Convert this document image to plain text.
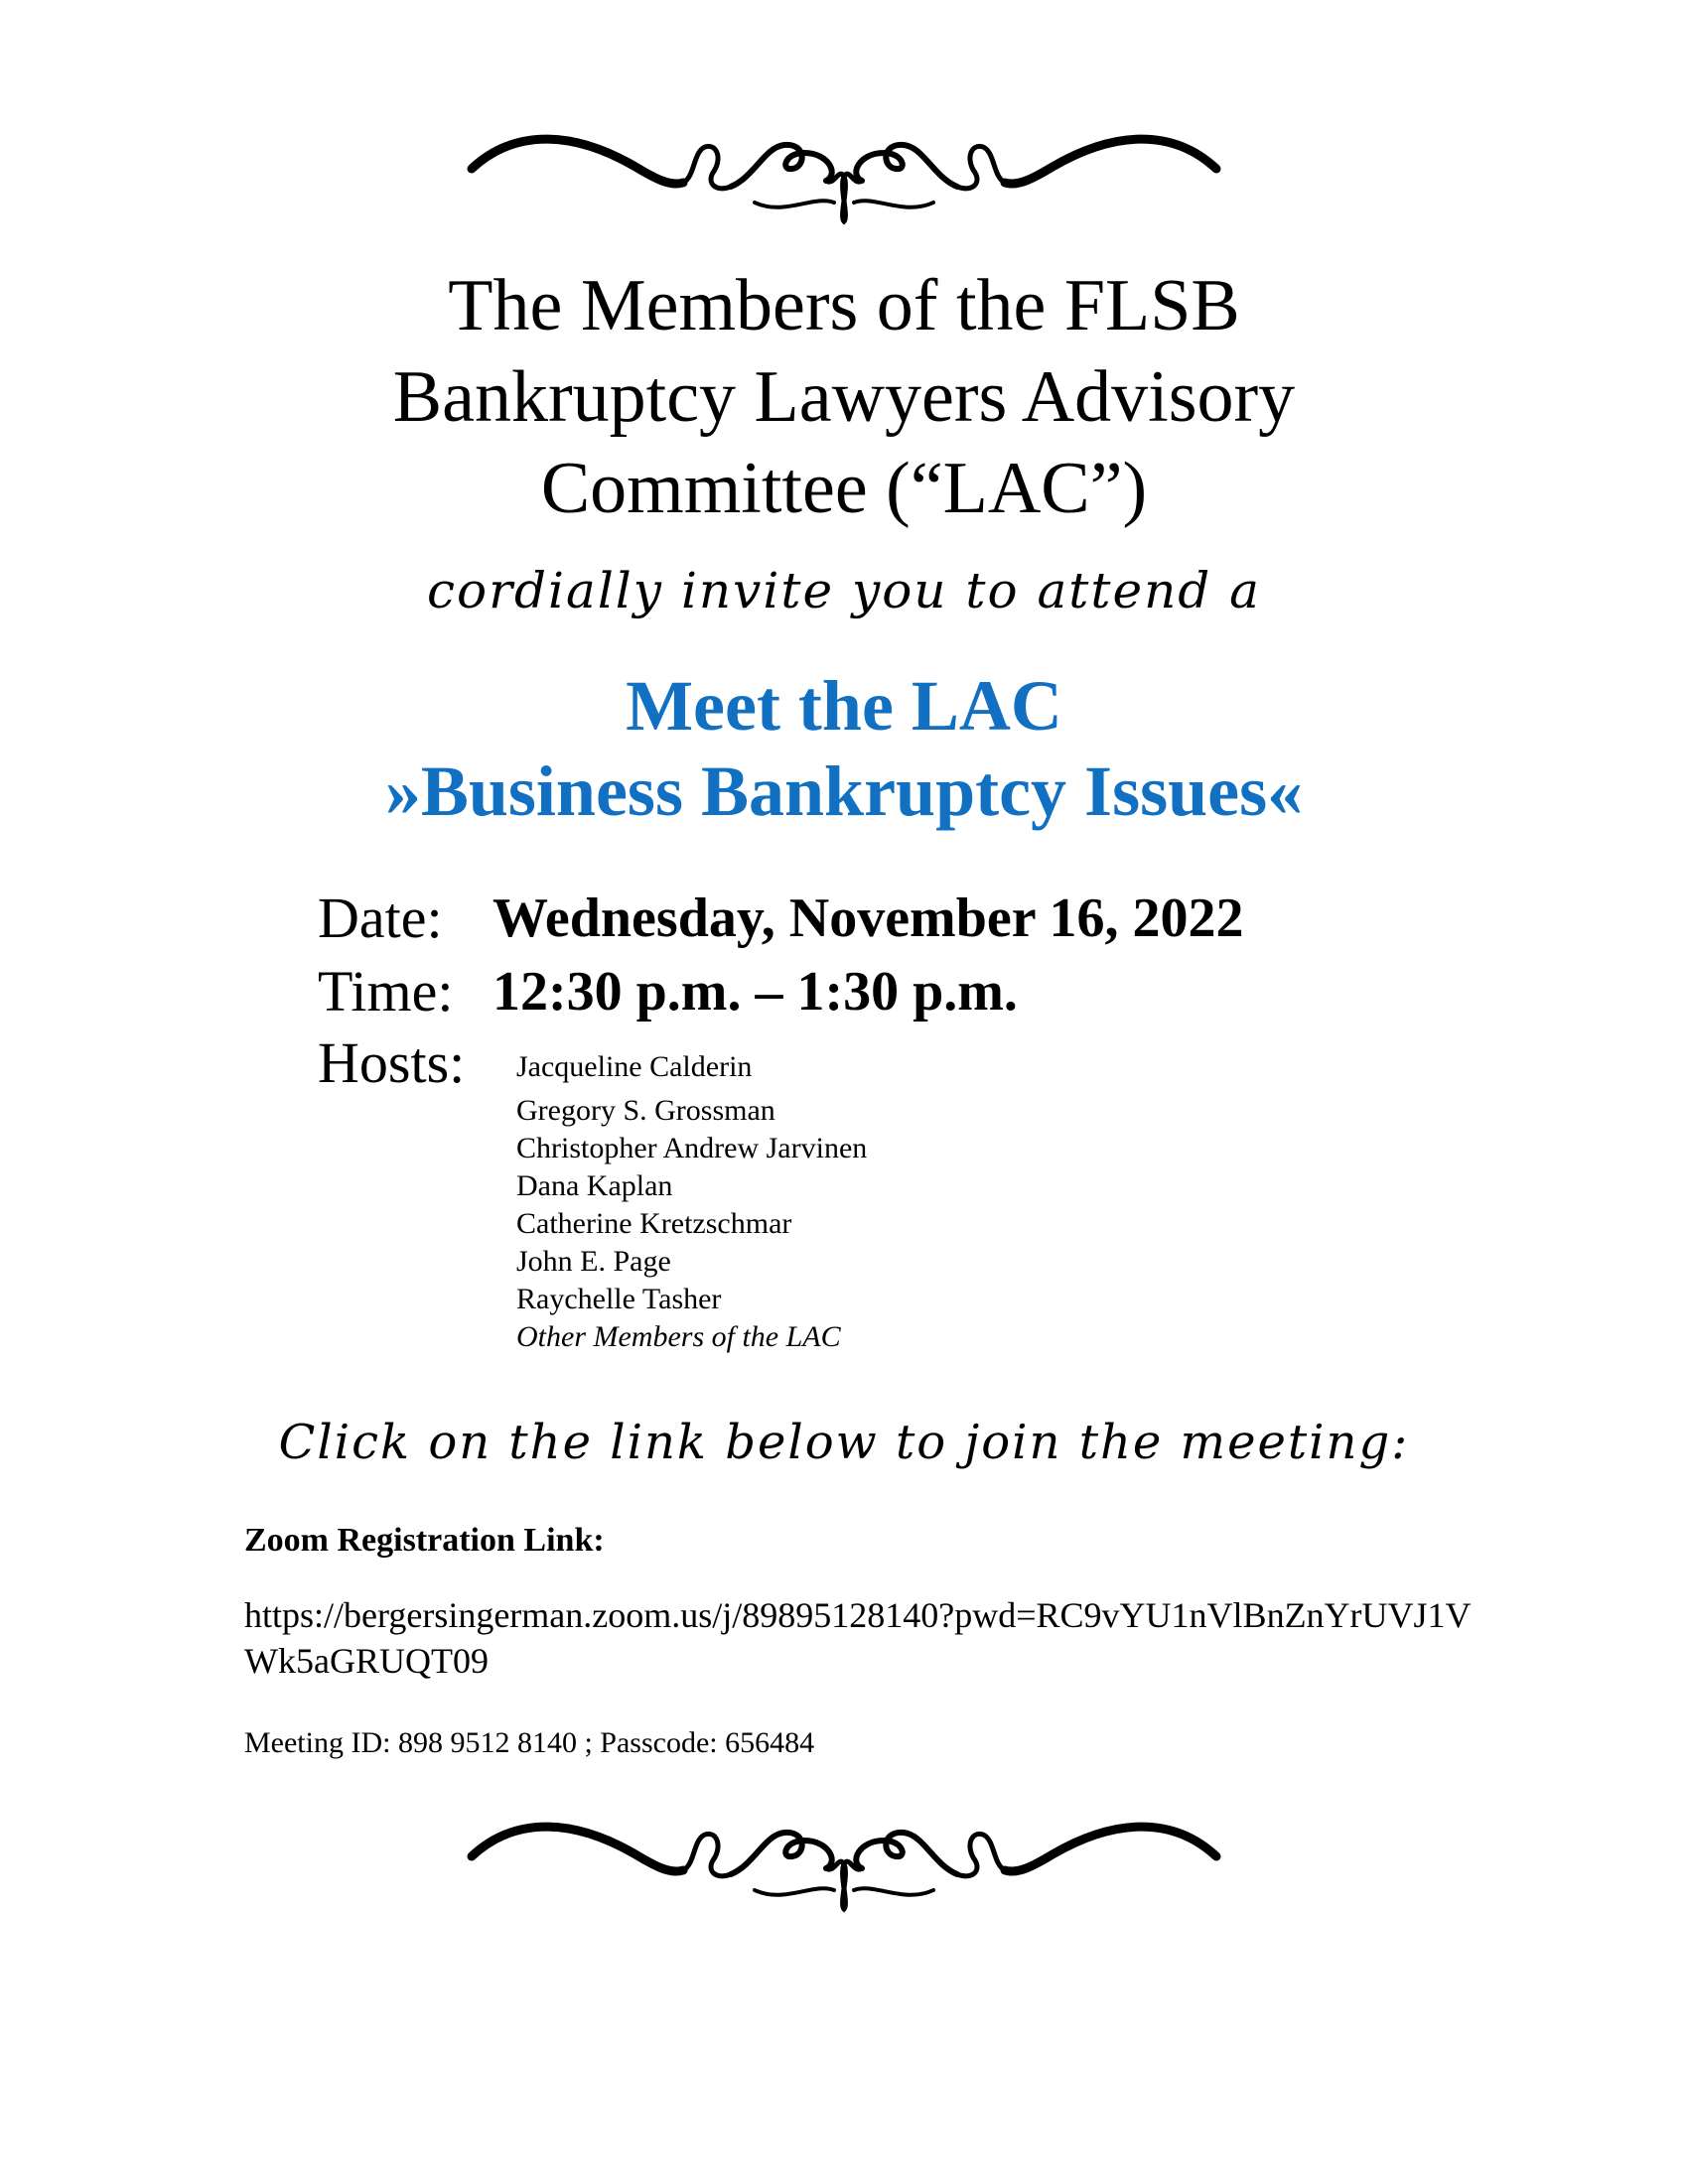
The Members of the FLSB
Bankruptcy Lawyers Advisory
Committee (“LAC”)
cordially invite you to attend a
Meet the LAC
»Business Bankruptcy Issues«
Date: Wednesday, November 16, 2022
Time: 12:30 p.m. – 1:30 p.m.
Hosts: Jacqueline Calderin
Gregory S. Grossman
Christopher Andrew Jarvinen
Dana Kaplan
Catherine Kretzschmar
John E. Page
Raychelle Tasher
Other Members of the LAC
Click on the link below to join the meeting:

Zoom Registration Link:

https://bergersingerman.zoom.us/j/89895128140?pwd=RC9vYU1nVlBnZnYrUVJ1VWk5aGRUQT09

Meeting ID: 898 9512 8140 ; Passcode: 656484
